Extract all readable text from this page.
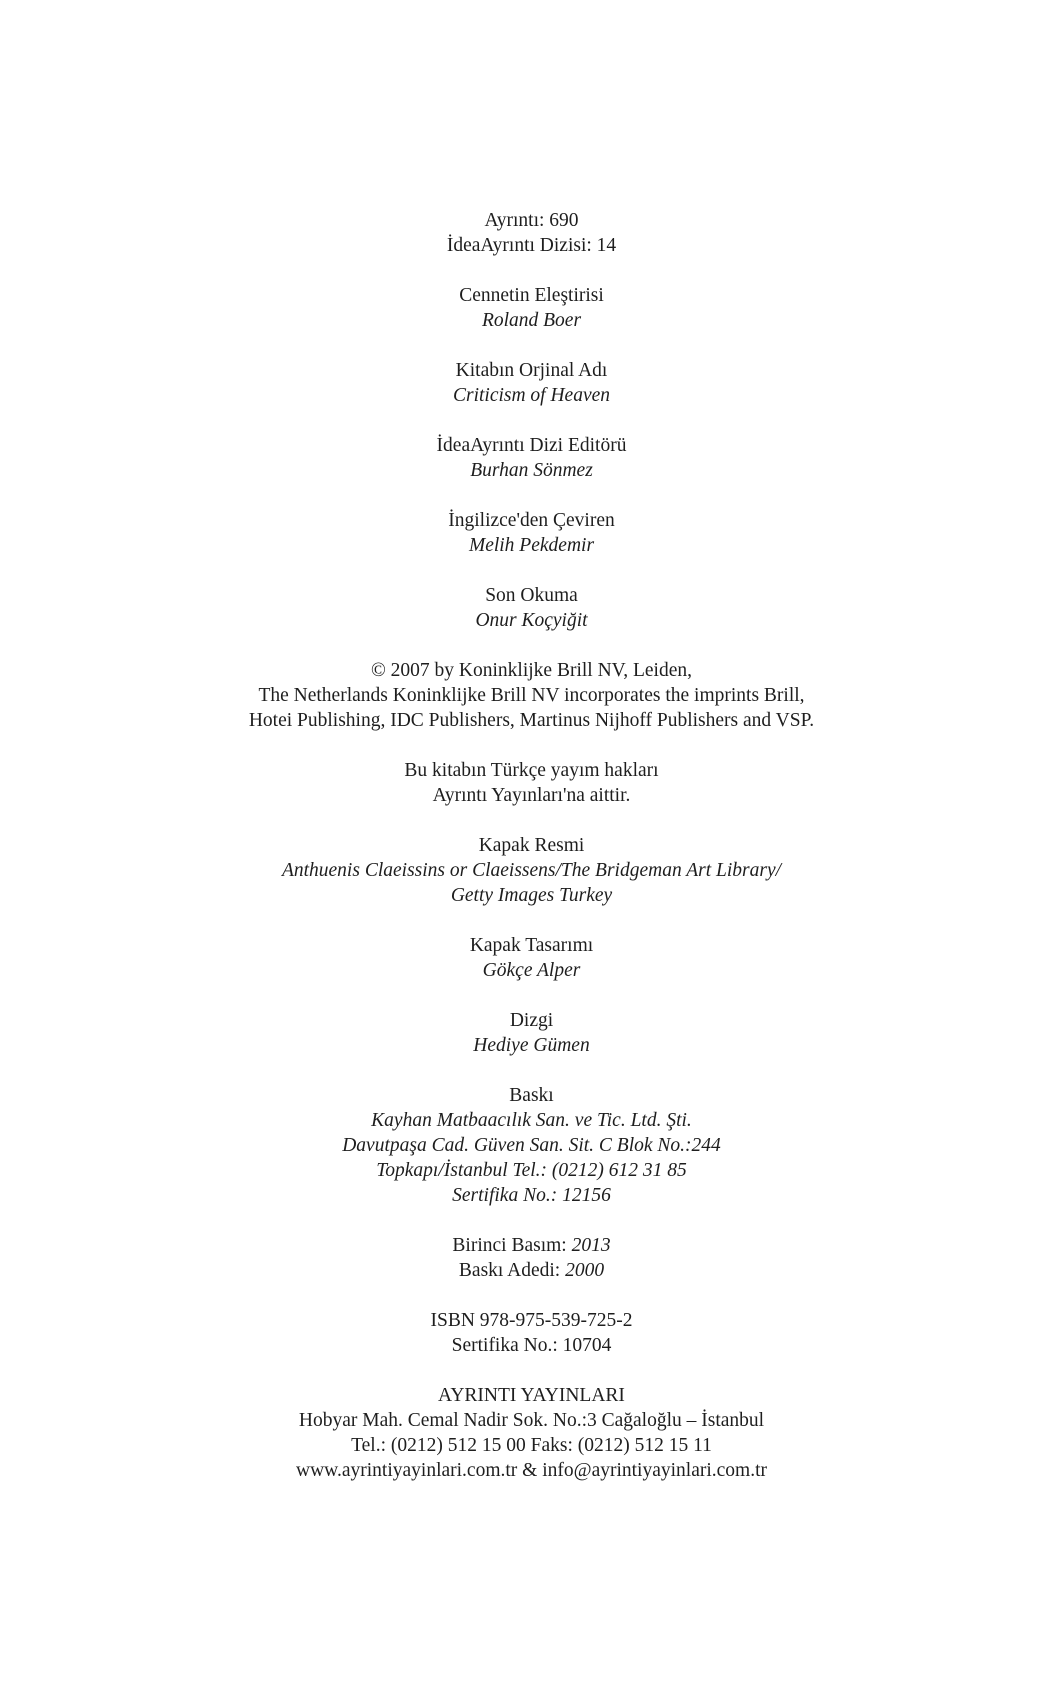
Ayrıntı: 690
İdeaAyrıntı Dizisi: 14
Cennetin Eleştirisi
Roland Boer
Kitabın Orjinal Adı
Criticism of Heaven
İdeaAyrıntı Dizi Editörü
Burhan Sönmez
İngilizce'den Çeviren
Melih Pekdemir
Son Okuma
Onur Koçyiğit
© 2007 by Koninklijke Brill NV, Leiden,
The Netherlands Koninklijke Brill NV incorporates the imprints Brill,
Hotei Publishing, IDC Publishers, Martinus Nijhoff Publishers and VSP.
Bu kitabın Türkçe yayım hakları
Ayrıntı Yayınları'na aittir.
Kapak Resmi
Anthuenis Claeissins or Claeissens/The Bridgeman Art Library/
Getty Images Turkey
Kapak Tasarımı
Gökçe Alper
Dizgi
Hediye Gümen
Baskı
Kayhan Matbaacılık San. ve Tic. Ltd. Şti.
Davutpaşa Cad. Güven San. Sit. C Blok No.:244
Topkapı/İstanbul Tel.: (0212) 612 31 85
Sertifika No.: 12156
Birinci Basım: 2013
Baskı Adedi: 2000
ISBN 978-975-539-725-2
Sertifika No.: 10704
AYRINTI YAYINLARI
Hobyar Mah. Cemal Nadir Sok. No.:3 Cağaloğlu – İstanbul
Tel.: (0212) 512 15 00 Faks: (0212) 512 15 11
www.ayrintiyayinlari.com.tr & info@ayrintiyayinlari.com.tr
